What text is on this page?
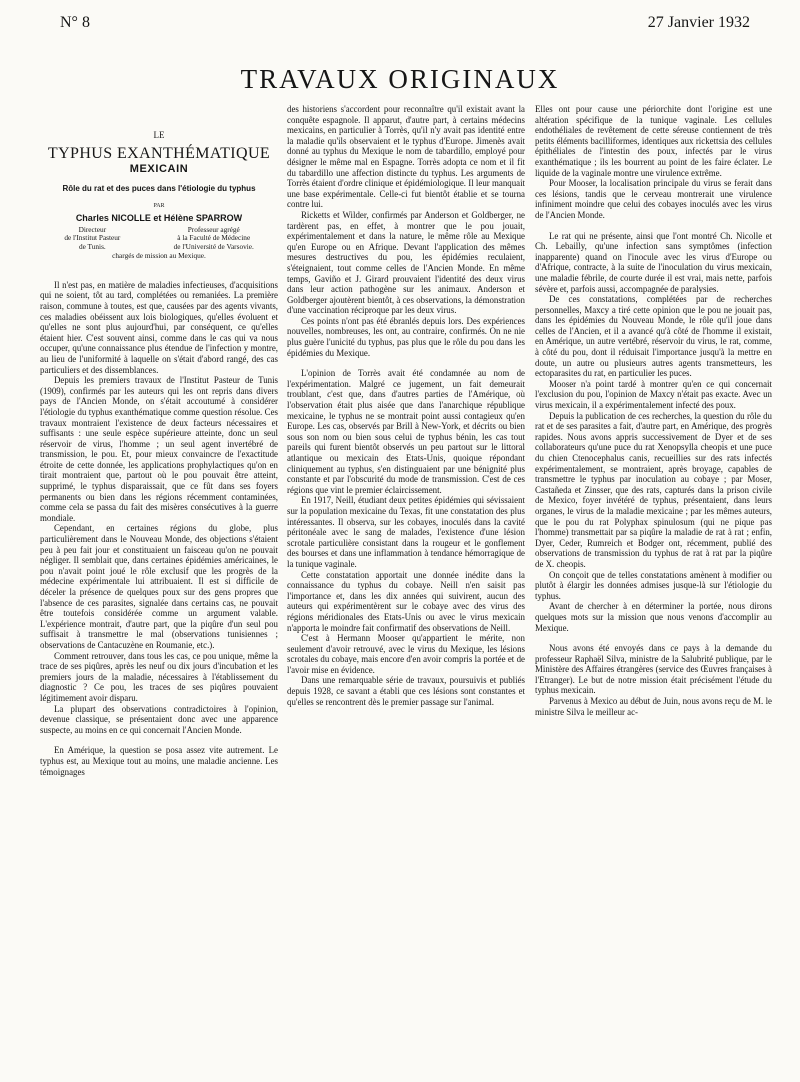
N° 8	27 Janvier 1932
TRAVAUX ORIGINAUX
LE
TYPHUS EXANTHÉMATIQUE
MEXICAIN
Rôle du rat et des puces dans l'étiologie du typhus
PAR
Charles NICOLLE et Hélène SPARROW
Directeur
de l'Institut Pasteur
de Tunis.
Professeur agrégé
à la Faculté de Médecine
de l'Université de Varsovie.
chargés de mission au Mexique.

Il n'est pas, en matière de maladies infectieuses, d'acquisitions qui ne soient, tôt au tard, complétées ou remaniées. La première raison, commune à toutes, est que, causées par des agents vivants, ces maladies obéissent aux lois biologiques, qu'elles évoluent et qu'elles ne sont plus aujourd'hui, par conséquent, ce qu'elles étaient hier. C'est souvent ainsi, comme dans le cas qui va nous occuper, qu'une connaissance plus étendue de l'infection y montre, au lieu de l'uniformité à laquelle on s'était d'abord rangé, des cas particuliers et des dissemblances.

Depuis les premiers travaux de l'Institut Pasteur de Tunis (1909), confirmés par les auteurs qui les ont repris dans divers pays de l'Ancien Monde, on s'était accoutumé à considérer l'étiologie du typhus exanthématique comme question résolue. Ces travaux montraient l'existence de deux facteurs nécessaires et suffisants : une seule espèce supérieure atteinte, donc un seul réservoir de virus, l'homme ; un seul agent invertébré de transmission, le pou. Et, pour mieux convaincre de l'exactitude étroite de cette donnée, les applications prophylactiques qu'on en tirait montraient que, partout où le pou pouvait être atteint, supprimé, le typhus disparaissait, que ce fût dans ses foyers permanents ou bien dans les régions récemment contaminées, comme cela se passa du fait des misères consécutives à la guerre mondiale.

Cependant, en certaines régions du globe, plus particulièrement dans le Nouveau Monde, des objections s'étaient peu à peu fait jour et constituaient un faisceau qu'on ne pouvait négliger. Il semblait que, dans certaines épidémies américaines, le pou n'avait point joué le rôle exclusif que les progrès de la médecine expérimentale lui attribuaient. Il est si difficile de déceler la présence de quelques poux sur des gens propres que l'absence de ces parasites, signalée dans certains cas, ne pouvait être toutefois considérée comme un argument valable. L'expérience montrait, d'autre part, que la piqûre d'un seul pou suffisait à transmettre le mal (observations tunisiennes ; observations de Cantacuzène en Roumanie, etc.).

Comment retrouver, dans tous les cas, ce pou unique, même la trace de ses piqûres, après les neuf ou dix jours d'incubation et les premiers jours de la maladie, nécessaires à l'établissement du diagnostic ? Ce pou, les traces de ses piqûres pouvaient légitimement avoir disparu.

La plupart des observations contradictoires à l'opinion, devenue classique, se présentaient donc avec une apparence suspecte, au moins en ce qui concernait l'Ancien Monde.

En Amérique, la question se posa assez vite autrement. Le typhus est, au Mexique tout au moins, une maladie ancienne. Les témoignages

des historiens s'accordent pour reconnaître qu'il existait avant la conquête espagnole. Il apparut, d'autre part, à certains médecins mexicains, en particulier à Torrès, qu'il n'y avait pas identité entre la maladie qu'ils observaient et le typhus d'Europe. Jimenès avait donné au typhus du Mexique le nom de tabardillo, employé pour désigner le même mal en Espagne. Torrès adopta ce nom et il fit du tabardillo une affection distincte du typhus. Les arguments de Torrès étaient d'ordre clinique et épidémiologique. Il leur manquait une base expérimentale. Celle-ci fut bientôt établie et se tourna contre lui.

Ricketts et Wilder, confirmés par Anderson et Goldberger, ne tardèrent pas, en effet, à montrer que le pou jouait, expérimentalement et dans la nature, le même rôle au Mexique qu'en Europe ou en Afrique. Devant l'application des mêmes mesures destructives du pou, les épidémies reculaient, s'éteignaient, tout comme celles de l'Ancien Monde. En même temps, Gaviño et J. Girard prouvaient l'identité des deux virus dans leur action pathogène sur les animaux. Anderson et Goldberger ajoutèrent bientôt, à ces observations, la démonstration d'une vaccination réciproque par les deux virus.

Ces points n'ont pas été ébranlés depuis lors. Des expériences nouvelles, nombreuses, les ont, au contraire, confirmés. On ne nie plus guère l'unicité du typhus, pas plus que le rôle du pou dans les épidémies du Mexique.

L'opinion de Torrès avait été condamnée au nom de l'expérimentation. Malgré ce jugement, un fait demeurait troublant, c'est que, dans d'autres parties de l'Amérique, où l'observation était plus aisée que dans l'anarchique république mexicaine, le typhus ne se montrait point aussi contagieux qu'en Europe. Les cas, observés par Brill à New-York, et décrits ou bien sous son nom ou bien sous celui de typhus bénin, les cas tout pareils qui furent bientôt observés un peu partout sur le littoral atlantique ou mexicain des Etats-Unis, quoique répondant cliniquement au typhus, s'en distinguaient par une bénignité plus constante et par l'obscurité du mode de transmission. C'est de ces régions que vint le premier éclaircissement.

En 1917, Neill, étudiant deux petites épidémies qui sévissaient sur la population mexicaine du Texas, fit une constatation des plus intéressantes. Il observa, sur les cobayes, inoculés dans la cavité péritonéale avec le sang de malades, l'existence d'une lésion scrotale particulière consistant dans la rougeur et le gonflement des bourses et dans une inflammation à tendance hémorragique de la tunique vaginale.

Cette constatation apportait une donnée inédite dans la connaissance du typhus du cobaye. Neill n'en saisit pas l'importance et, dans les dix années qui suivirent, aucun des auteurs qui expérimentèrent sur le cobaye avec des virus des régions méridionales des Etats-Unis ou avec le virus mexicain n'apporta le moindre fait confirmatif des observations de Neill.

C'est à Hermann Mooser qu'appartient le mérite, non seulement d'avoir retrouvé, avec le virus du Mexique, les lésions scrotales du cobaye, mais encore d'en avoir compris la portée et de l'avoir mise en évidence.

Dans une remarquable série de travaux, poursuivis et publiés depuis 1928, ce savant a établi que ces lésions sont constantes et qu'elles se rencontrent dès le premier passage sur l'animal.

Elles ont pour cause une périorchite dont l'origine est une altération spécifique de la tunique vaginale. Les cellules endothéliales de revêtement de cette séreuse contiennent de très petits éléments bacilliformes, identiques aux rickettsia des cellules épithéliales de l'intestin des poux, infectés par le virus exanthématique ; ils les bourrent au point de les faire éclater. Le liquide de la vaginale montre une virulence extrême.

Pour Mooser, la localisation principale du virus se ferait dans ces lésions, tandis que le cerveau montrerait une virulence infiniment moindre que celui des cobayes inoculés avec les virus de l'Ancien Monde.

Le rat qui ne présente, ainsi que l'ont montré Ch. Nicolle et Ch. Lebailly, qu'une infection sans symptômes (infection inapparente) quand on l'inocule avec les virus d'Europe ou d'Afrique, contracte, à la suite de l'inoculation du virus mexicain, une maladie fébrile, de courte durée il est vrai, mais nette, parfois sévère et, parfois aussi, accompagnée de paralysies.

De ces constatations, complétées par de recherches personnelles, Maxcy a tiré cette opinion que le pou ne jouait pas, dans les épidémies du Nouveau Monde, le rôle qu'il joue dans celles de l'Ancien, et il a avancé qu'à côté de l'homme il existait, en Amérique, un autre vertébré, réservoir du virus, le rat, comme, à côté du pou, dont il réduisait l'importance jusqu'à la mettre en doute, un autre ou plusieurs autres agents transmetteurs, les ectoparasites du rat, en particulier les puces.

Mooser n'a point tardé à montrer qu'en ce qui concernait l'exclusion du pou, l'opinion de Maxcy n'était pas exacte. Avec un virus mexicain, il a expérimentalement infecté des poux.

Depuis la publication de ces recherches, la question du rôle du rat et de ses parasites a fait, d'autre part, en Amérique, des progrès rapides. Nous avons appris successivement de Dyer et de ses collaborateurs qu'une puce du rat Xenopsylla cheopis et une puce du chien Ctenocephalus canis, recueillies sur des rats infectés expérimentalement, se montraient, après broyage, capables de transmettre le typhus par inoculation au cobaye ; par Moser, Castañeda et Zinsser, que des rats, capturés dans la prison civile de Mexico, foyer invétéré de typhus, présentaient, dans leurs organes, le virus de la maladie mexicaine ; par les mêmes auteurs, que le pou du rat Polyphax spinulosum (qui ne pique pas l'homme) transmettait par sa piqûre la maladie de rat à rat ; enfin, Dyer, Ceder, Rumreich et Bodger ont, récemment, publié des observations de transmission du typhus de rat à rat par la piqûre de X. cheopis.

On conçoit que de telles constatations amènent à modifier ou plutôt à élargir les données admises jusque-là sur l'étiologie du typhus.

Avant de chercher à en déterminer la portée, nous dirons quelques mots sur la mission que nous venons d'accomplir au Mexique.

Nous avons été envoyés dans ce pays à la demande du professeur Raphaël Silva, ministre de la Salubrité publique, par le Ministère des Affaires étrangères (service des Œuvres françaises à l'Etranger). Le but de notre mission était précisément l'étude du typhus mexicain.

Parvenus à Mexico au début de Juin, nous avons reçu de M. le ministre Silva le meilleur ac-
